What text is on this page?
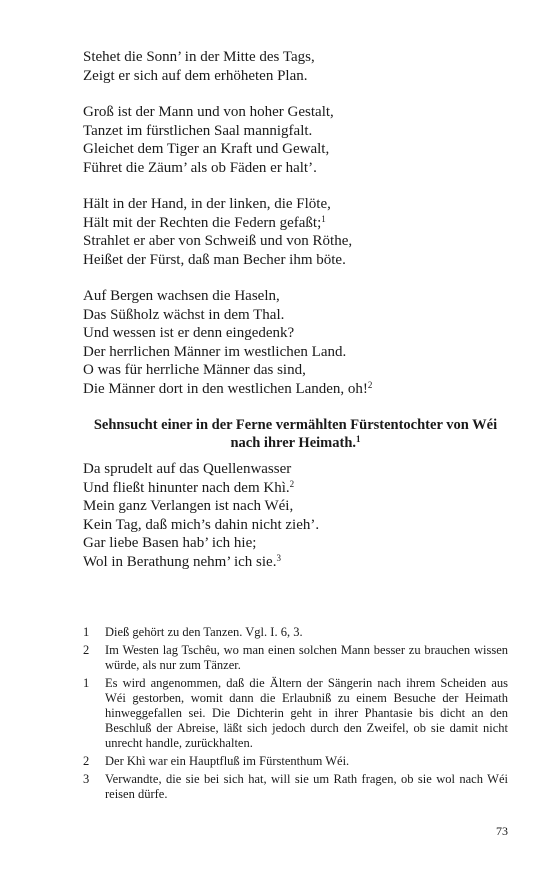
Stehet die Sonn’ in der Mitte des Tags,
Zeigt er sich auf dem erhöheten Plan.
Groß ist der Mann und von hoher Gestalt,
Tanzet im fürstlichen Saal mannigfalt.
Gleichet dem Tiger an Kraft und Gewalt,
Führet die Zäum’ als ob Fäden er halt’.
Hält in der Hand, in der linken, die Flöte,
Hält mit der Rechten die Federn gefaßt;$^1$
Strahlet er aber von Schweiß und von Röthe,
Heißet der Fürst, daß man Becher ihm böte.
Auf Bergen wachsen die Haseln,
Das Süßholz wächst in dem Thal.
Und wessen ist er denn eingedenk?
Der herrlichen Männer im westlichen Land.
O was für herrliche Männer das sind,
Die Männer dort in den westlichen Landen, oh!$^2$
Sehnsucht einer in der Ferne vermählten Fürstentochter von Wéi nach ihrer Heimath.$^1$
Da sprudelt auf das Quellenwasser
Und fließt hinunter nach dem Khì.$^2$
Mein ganz Verlangen ist nach Wéi,
Kein Tag, daß mich’s dahin nicht zieh’.
Gar liebe Basen hab’ ich hie;
Wol in Berathung nehm’ ich sie.$^3$
1	Dieß gehört zu den Tanzen. Vgl. I. 6, 3.
2	Im Westen lag Tschêu, wo man einen solchen Mann besser zu brauchen wissen würde, als nur zum Tänzer.
1	Es wird angenommen, daß die Ältern der Sängerin nach ihrem Scheiden aus Wéi gestorben, womit dann die Erlaubniß zu einem Besuche der Heimath hinweggefallen sei. Die Dichterin geht in ihrer Phantasie bis dicht an den Beschluß der Abreise, läßt sich jedoch durch den Zweifel, ob sie damit nicht unrecht handle, zurückhalten.
2	Der Khì war ein Hauptfluß im Fürstenthum Wéi.
3	Verwandte, die sie bei sich hat, will sie um Rath fragen, ob sie wol nach Wéi reisen dürfe.
73
